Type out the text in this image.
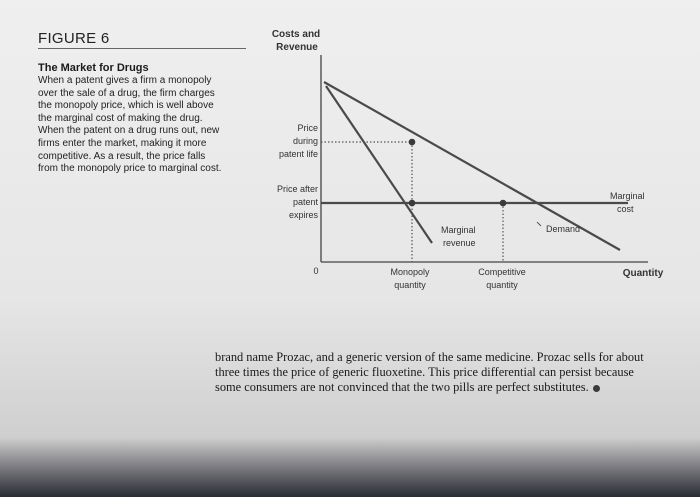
FIGURE 6
The Market for Drugs
When a patent gives a firm a monopoly
over the sale of a drug, the firm charges
the monopoly price, which is well above
the marginal cost of making the drug.
When the patent on a drug runs out, new
firms enter the market, making it more
competitive. As a result, the price falls
from the monopoly price to marginal cost.
Costs and
Revenue
Price
during
patent life
Price after
patent
expires
0
Marginal
revenue
Demand
Marginal
cost
Monopoly
quantity
Competitive
quantity
Quantity
brand name Prozac, and a generic version of the same medicine. Prozac sells for about
three times the price of generic fluoxetine. This price differential can persist because
some consumers are not convinced that the two pills are perfect substitutes.
